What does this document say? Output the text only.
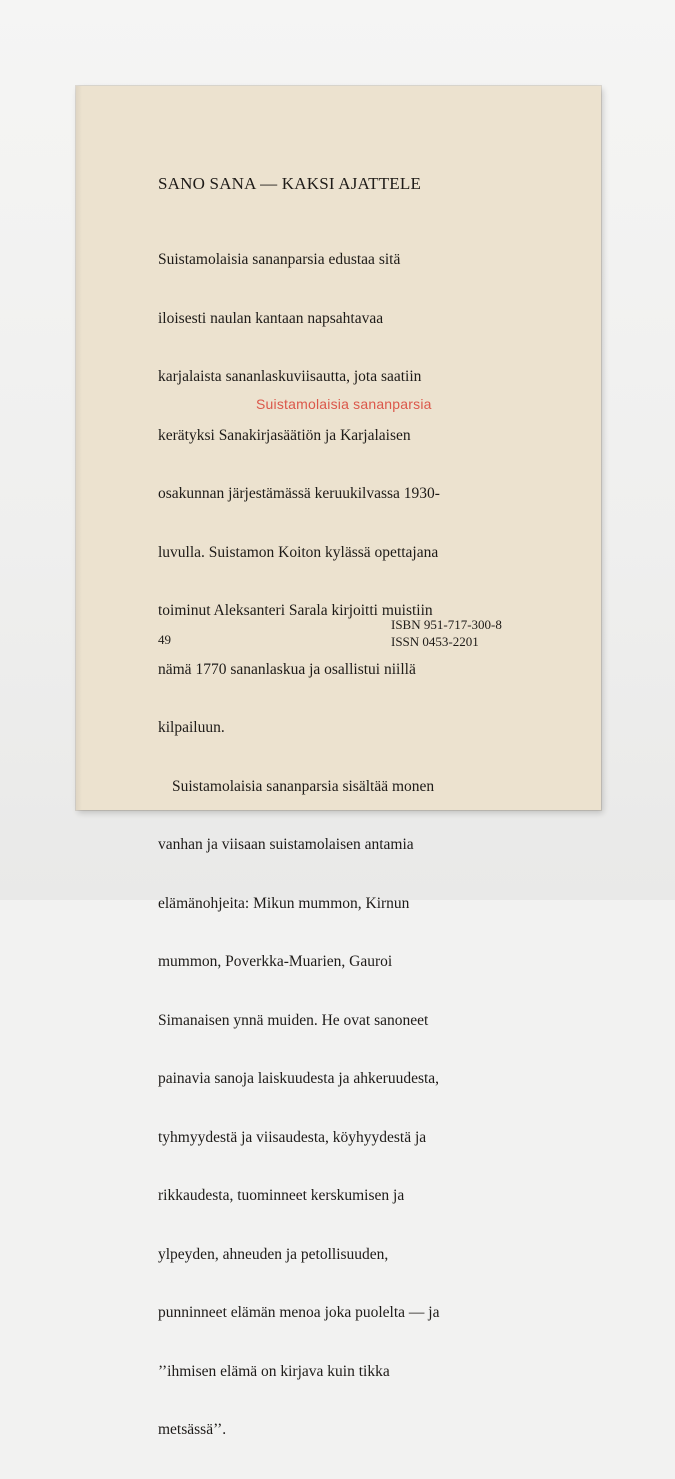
SANO SANA — KAKSI AJATTELE

Suistamolaisia sananparsia edustaa sitä

iloisesti naulan kantaan napsahtavaa

karjalaista sananlaskuviisautta, jota saatiin

kerätyksi Sanakirjasäätiön ja Karjalaisen

osakunnan järjestämässä keruukilvassa 1930-

luvulla. Suistamon Koiton kylässä opettajana

toiminut Aleksanteri Sarala kirjoitti muistiin

nämä 1770 sananlaskua ja osallistui niillä

kilpailuun.

Suistamolaisia sananparsia sisältää monen

vanhan ja viisaan suistamolaisen antamia

elämänohjeita: Mikun mummon, Kirnun

mummon, Poverkka-Muarien, Gauroi

Simanaisen ynnä muiden. He ovat sanoneet

painavia sanoja laiskuudesta ja ahkeruudesta,

tyhmyydestä ja viisaudesta, köyhyydestä ja

rikkaudesta, tuominneet kerskumisen ja

ylpeyden, ahneuden ja petollisuuden,

punninneet elämän menoa joka puolelta — ja

’’ihmisen elämä on kirjava kuin tikka

metsässä’’.

49
ISBN 951-717-300-8
ISSN 0453-2201
Suistamolaisia sananparsia
